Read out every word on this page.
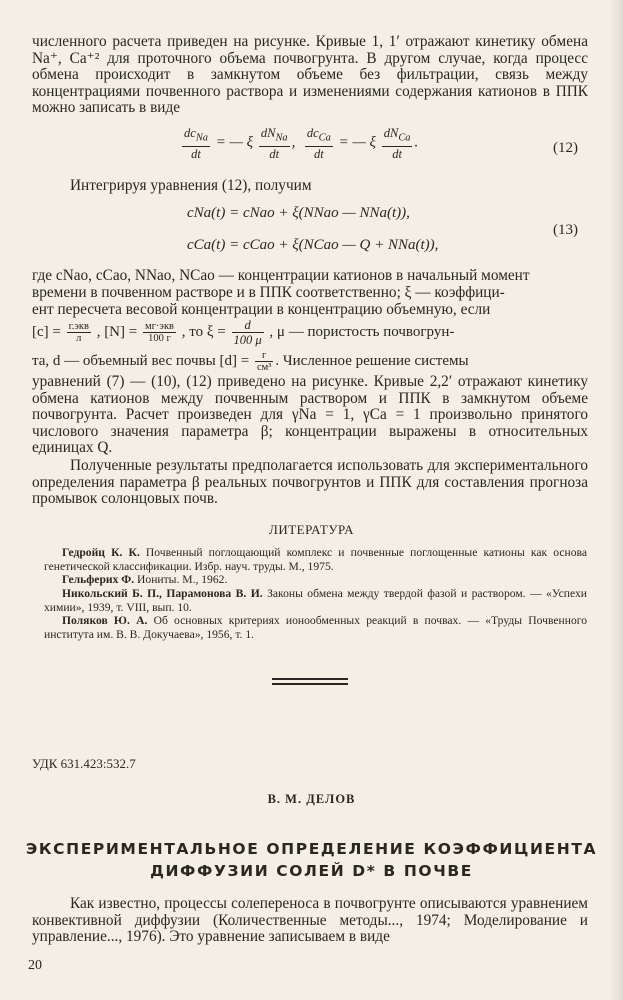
численного расчета приведен на рисунке. Кривые 1, 1′ отражают кинетику обмена Na⁺, Ca⁺² для проточного объема почвогрунта. В другом случае, когда процесс обмена происходит в замкнутом объеме без фильтрации, связь между концентрациями почвенного раствора и изменениями содержания катионов в ППК можно записать в виде
$\frac{dc_{Na}}{dt}$ = — ξ $\frac{dN_{Na}}{dt}$ , $\frac{dc_{Ca}}{dt}$ = — ξ $\frac{dN_{Ca}}{dt}$ .	(12)
Интегрируя уравнения (12), получим
cNa(t) = cNao + ξ(NNao — NNa(t)),
cCa(t) = cCao + ξ(NCao — Q + NNa(t)),
(13)
где cNao, cCao, NNao, NCao — концентрации катионов в начальный момент
времени в почвенном растворе и в ППК соответственно; ξ — коэффици-
ент пересчета весовой концентрации в концентрацию объемную, если
$[c] = \frac{\text{г.экв}}{л}$ , $[N] = \frac{\text{мг·экв}}{100 г}$ , то $\xi = \frac{d}{100 \mu}$ , μ — пористость почвогрун-
та, d — объемный вес почвы $[d] = \frac{г}{\text{см³}}$ . Численное решение системы
уравнений (7) — (10), (12) приведено на рисунке. Кривые 2,2′ отражают кинетику обмена катионов между почвенным раствором и ППК в замкнутом объеме почвогрунта. Расчет произведен для γNa = 1, γCa = 1 произвольно принятого числового значения параметра β; концентрации выражены в относительных единицах Q.
Полученные результаты предполагается использовать для экспериментального определения параметра β реальных почвогрунтов и ППК для составления прогноза промывок солонцовых почв.
ЛИТЕРАТУРА
Гедройц К. К. Почвенный поглощающий комплекс и почвенные поглощенные катионы как основа генетической классификации. Избр. науч. труды. М., 1975.
Гельферих Ф. Иониты. М., 1962.
Никольский Б. П., Парамонова В. И. Законы обмена между твердой фазой и раствором. — «Успехи химии», 1939, т. VIII, вып. 10.
Поляков Ю. А. Об основных критериях ионообменных реакций в почвах. — «Труды Почвенного института им. В. В. Докучаева», 1956, т. 1.
УДК 631.423:532.7
В. М. ДЕЛОВ
ЭКСПЕРИМЕНТАЛЬНОЕ ОПРЕДЕЛЕНИЕ КОЭФФИЦИЕНТА
ДИФФУЗИИ СОЛЕЙ D* В ПОЧВЕ
Как известно, процессы солепереноса в почвогрунте описываются уравнением конвективной диффузии (Количественные методы..., 1974; Моделирование и управление..., 1976). Это уравнение записываем в виде
20
